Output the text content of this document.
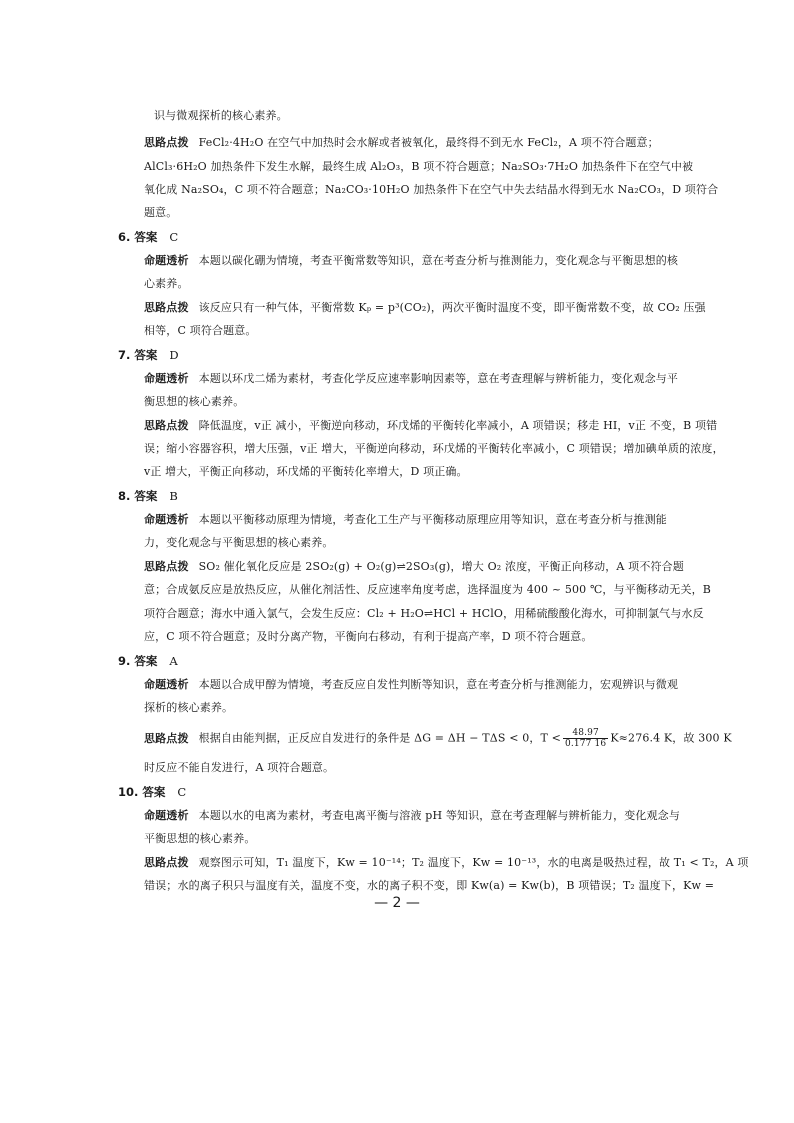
识与微观探析的核心素养。
思路点拨 FeCl₂·4H₂O 在空气中加热时会水解或者被氧化，最终得不到无水 FeCl₂，A 项不符合题意；
AlCl₃·6H₂O 加热条件下发生水解，最终生成 Al₂O₃，B 项不符合题意；Na₂SO₃·7H₂O 加热条件下在空气中被
氧化成 Na₂SO₄，C 项不符合题意；Na₂CO₃·10H₂O 加热条件下在空气中失去结晶水得到无水 Na₂CO₃，D 项符合
题意。
6. 答案 C
命题透析 本题以碳化硼为情境，考查平衡常数等知识，意在考查分析与推测能力，变化观念与平衡思想的核
心素养。
思路点拨 该反应只有一种气体，平衡常数 Kₚ = p³(CO₂)，两次平衡时温度不变，即平衡常数不变，故 CO₂ 压强
相等，C 项符合题意。
7. 答案 D
命题透析 本题以环戊二烯为素材，考查化学反应速率影响因素等，意在考查理解与辨析能力，变化观念与平
衡思想的核心素养。
思路点拨 降低温度，v正 减小，平衡逆向移动，环戊烯的平衡转化率减小，A 项错误；移走 HI，v正 不变，B 项错
误；缩小容器容积，增大压强，v正 增大，平衡逆向移动，环戊烯的平衡转化率减小，C 项错误；增加碘单质的浓度，
v正 增大，平衡正向移动，环戊烯的平衡转化率增大，D 项正确。
8. 答案 B
命题透析 本题以平衡移动原理为情境，考查化工生产与平衡移动原理应用等知识，意在考查分析与推测能
力，变化观念与平衡思想的核心素养。
思路点拨 SO₂ 催化氧化反应是 2SO₂(g) + O₂(g)⇌2SO₃(g)，增大 O₂ 浓度，平衡正向移动，A 项不符合题
意；合成氨反应是放热反应，从催化剂活性、反应速率角度考虑，选择温度为 400 ~ 500 ℃，与平衡移动无关，B
项符合题意；海水中通入氯气，会发生反应：Cl₂ + H₂O⇌HCl + HClO，用稀硫酸酸化海水，可抑制氯气与水反
应，C 项不符合题意；及时分离产物，平衡向右移动，有利于提高产率，D 项不符合题意。
9. 答案 A
命题透析 本题以合成甲醇为情境，考查反应自发性判断等知识，意在考查分析与推测能力，宏观辨识与微观
探析的核心素养。
思路点拨 根据自由能判据，正反应自发进行的条件是 ΔG = ΔH − TΔS < 0，$T < \frac{48.97}{0.177 16} K\approx 276.4$ K，故 300 K
时反应不能自发进行，A 项符合题意。
10. 答案 C
命题透析 本题以水的电离为素材，考查电离平衡与溶液 pH 等知识，意在考查理解与辨析能力，变化观念与
平衡思想的核心素养。
思路点拨 观察图示可知，T₁ 温度下，Kw = 10⁻¹⁴；T₂ 温度下，Kw = 10⁻¹³，水的电离是吸热过程，故 T₁ < T₂，A 项
错误；水的离子积只与温度有关，温度不变，水的离子积不变，即 Kw(a) = Kw(b)，B 项错误；T₂ 温度下，Kw =
— 2 —
